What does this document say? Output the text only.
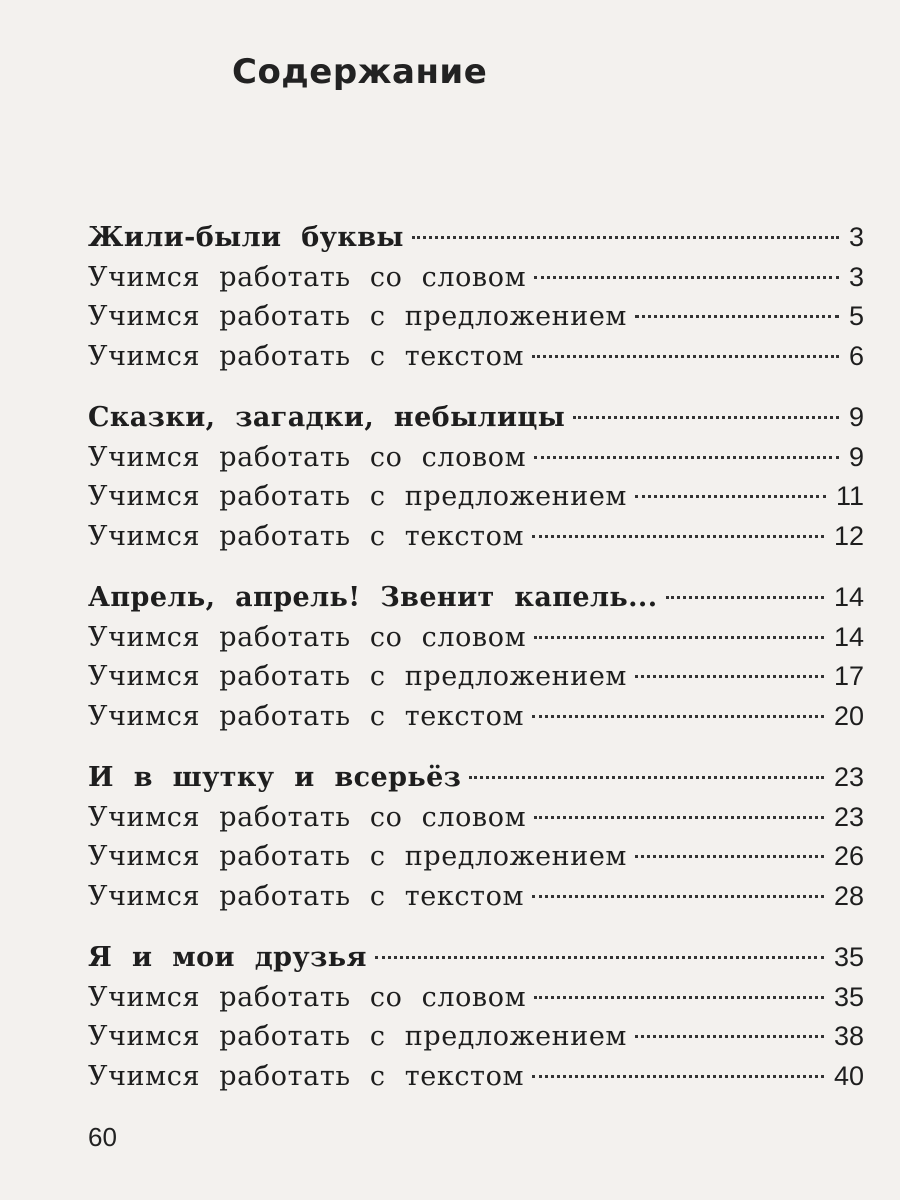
Содержание
Жили-были буквы	3
Учимся работать со словом	3
Учимся работать с предложением	5
Учимся работать с текстом	6
Сказки, загадки, небылицы	9
Учимся работать со словом	9
Учимся работать с предложением	11
Учимся работать с текстом	12
Апрель, апрель! Звенит капель...	14
Учимся работать со словом	14
Учимся работать с предложением	17
Учимся работать с текстом	20
И в шутку и всерьёз	23
Учимся работать со словом	23
Учимся работать с предложением	26
Учимся работать с текстом	28
Я и мои друзья	35
Учимся работать со словом	35
Учимся работать с предложением	38
Учимся работать с текстом	40
60
